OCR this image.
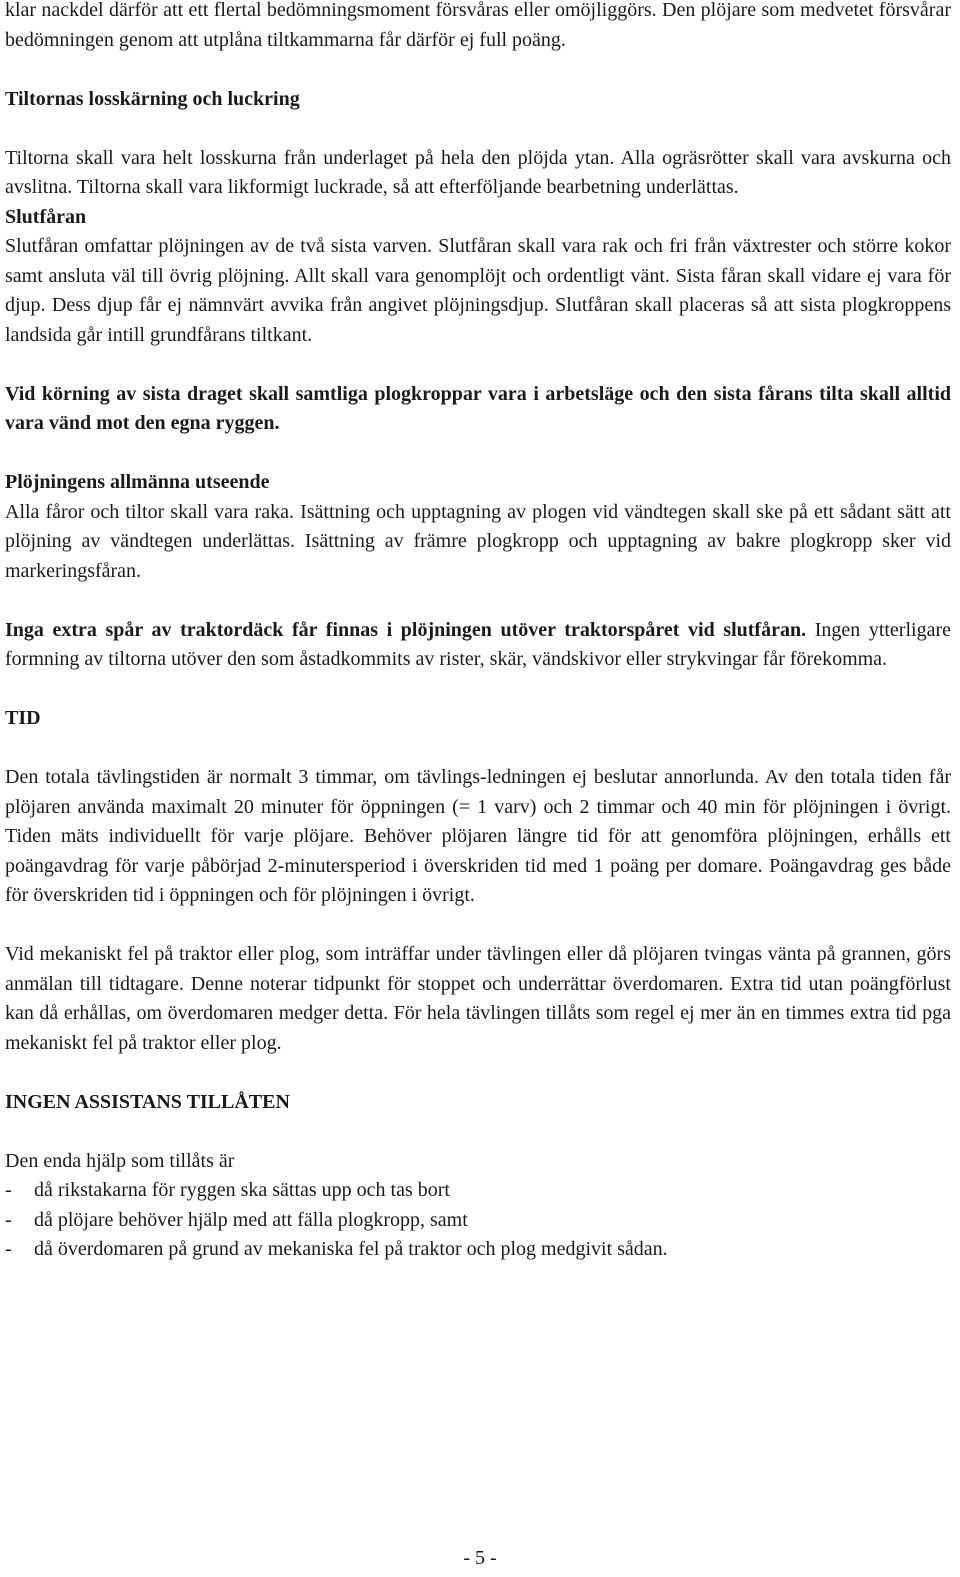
klar nackdel därför att ett flertal bedömningsmoment försvåras eller omöjliggörs. Den plöjare som medvetet försvårar bedömningen genom att utplåna tiltkammarna får därför ej full poäng.

Tiltornas losskärning och luckring

Tiltorna skall vara helt losskurna från underlaget på hela den plöjda ytan. Alla ogräsrötter skall vara avskurna och avslitna. Tiltorna skall vara likformigt luckrade, så att efterföljande bearbetning underlättas.

Slutfåran

Slutfåran omfattar plöjningen av de två sista varven. Slutfåran skall vara rak och fri från växtrester och större kokor samt ansluta väl till övrig plöjning. Allt skall vara genomplöjt och ordentligt vänt. Sista fåran skall vidare ej vara för djup. Dess djup får ej nämnvärt avvika från angivet plöjningsdjup. Slutfåran skall placeras så att sista plogkroppens landsida går intill grundfårans tiltkant.

Vid körning av sista draget skall samtliga plogkroppar vara i arbetsläge och den sista fårans tilta skall alltid vara vänd mot den egna ryggen.

Plöjningens allmänna utseende

Alla fåror och tiltor skall vara raka. Isättning och upptagning av plogen vid vändtegen skall ske på ett sådant sätt att plöjning av vändtegen underlättas. Isättning av främre plogkropp och upptagning av bakre plogkropp sker vid markeringsfåran.

Inga extra spår av traktordäck får finnas i plöjningen utöver traktorspåret vid slutfåran. Ingen ytterligare formning av tiltorna utöver den som åstadkommits av rister, skär, vändskivor eller strykvingar får förekomma.

TID

Den totala tävlingstiden är normalt 3 timmar, om tävlings-ledningen ej beslutar annorlunda. Av den totala tiden får plöjaren använda maximalt 20 minuter för öppningen (= 1 varv) och 2 timmar och 40 min för plöjningen i övrigt. Tiden mäts individuellt för varje plöjare. Behöver plöjaren längre tid för att genomföra plöjningen, erhålls ett poängavdrag för varje påbörjad 2-minutersperiod i överskriden tid med 1 poäng per domare. Poängavdrag ges både för överskriden tid i öppningen och för plöjningen i övrigt.

Vid mekaniskt fel på traktor eller plog, som inträffar under tävlingen eller då plöjaren tvingas vänta på grannen, görs anmälan till tidtagare. Denne noterar tidpunkt för stoppet och underrättar överdomaren. Extra tid utan poängförlust kan då erhållas, om överdomaren medger detta. För hela tävlingen tillåts som regel ej mer än en timmes extra tid pga mekaniskt fel på traktor eller plog.

INGEN ASSISTANS TILLÅTEN

Den enda hjälp som tillåts är

- då rikstakarna för ryggen ska sättas upp och tas bort
- då plöjare behöver hjälp med att fälla plogkropp, samt
- då överdomaren på grund av mekaniska fel på traktor och plog medgivit sådan.
- 5 -
